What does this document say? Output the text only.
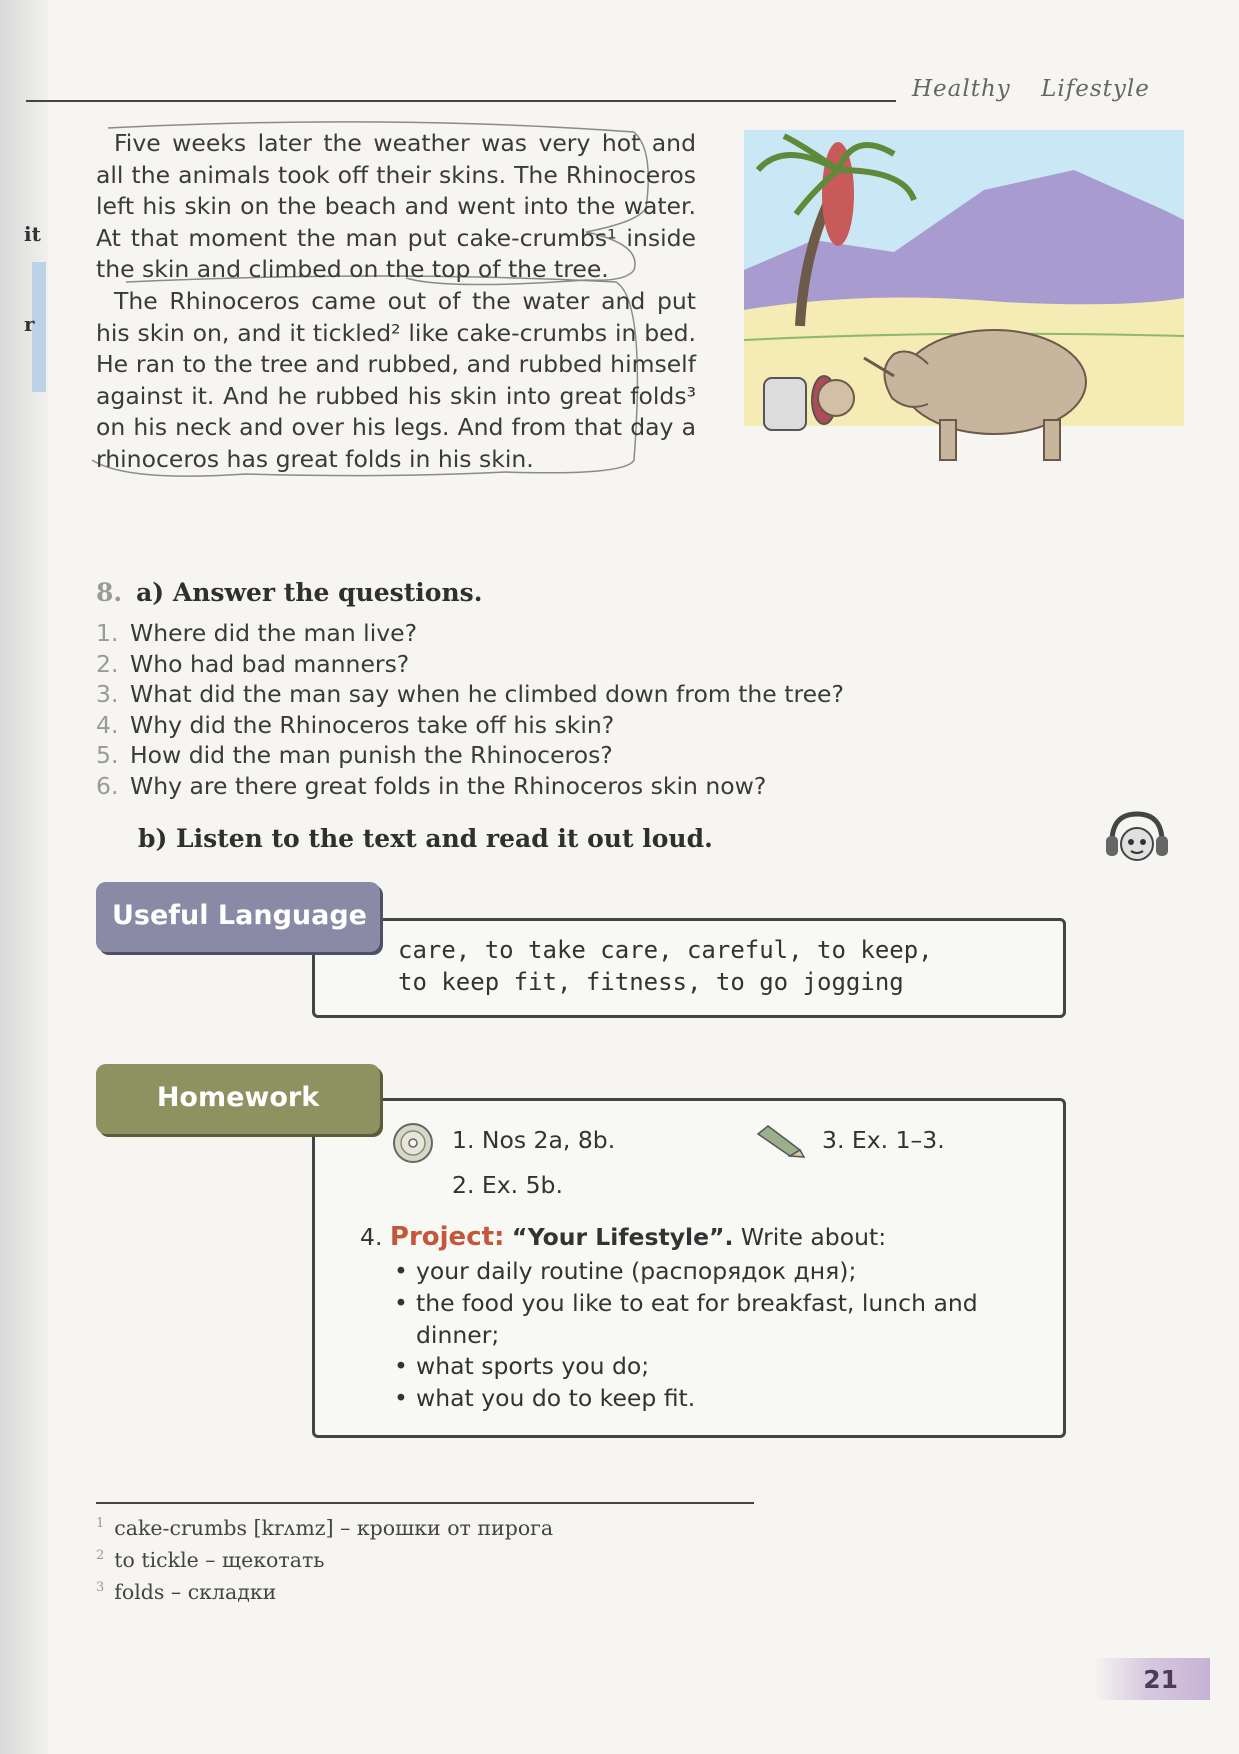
it
r
Healthy Lifestyle

Five weeks later the weather was very hot and all the animals took off their skins. The Rhinoceros left his skin on the beach and went into the water. At that moment the man put cake-crumbs¹ inside the skin and climbed on the top of the tree.

The Rhinoceros came out of the water and put his skin on, and it tickled² like cake-crumbs in bed. He ran to the tree and rubbed, and rubbed himself against it. And he rubbed his skin into great folds³ on his neck and over his legs. And from that day a rhinoceros has great folds in his skin.

8. a) Answer the questions.
1. Where did the man live?
2. Who had bad manners?
3. What did the man say when he climbed down from the tree?
4. Why did the Rhinoceros take off his skin?
5. How did the man punish the Rhinoceros?
6. Why are there great folds in the Rhinoceros skin now?
b) Listen to the text and read it out loud.
Useful Language
care, to take care, careful, to keep,
to keep fit, fitness, to go jogging
Homework
1. Nos 2a, 8b.	3. Ex. 1–3.
2. Ex. 5b.
4. Project: “Your Lifestyle”. Write about:
• your daily routine (распорядок дня);
• the food you like to eat for breakfast, lunch and dinner;
• what sports you do;
• what you do to keep fit.
$^1$ cake-crumbs [krʌmz] – крошки от пирога
$^2$ to tickle – щекотать
$^3$ folds – складки
21
